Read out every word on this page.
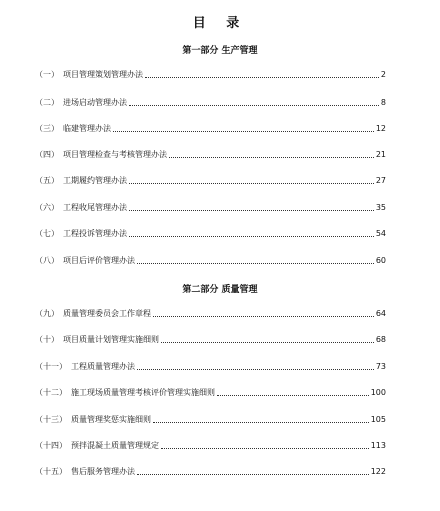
目 录
第一部分 生产管理
（一） 项目管理策划管理办法	2
（二） 进场启动管理办法	8
（三） 临建管理办法	12
（四） 项目管理检查与考核管理办法	21
（五） 工期履约管理办法	27
（六） 工程收尾管理办法	35
（七） 工程投诉管理办法	54
（八） 项目后评价管理办法	60
第二部分 质量管理
（九） 质量管理委员会工作章程	64
（十） 项目质量计划管理实施细则	68
（十一） 工程质量管理办法	73
（十二） 施工现场质量管理考核评价管理实施细则	100
（十三） 质量管理奖惩实施细则	105
（十四） 预拌混凝土质量管理规定	113
（十五） 售后服务管理办法	122
